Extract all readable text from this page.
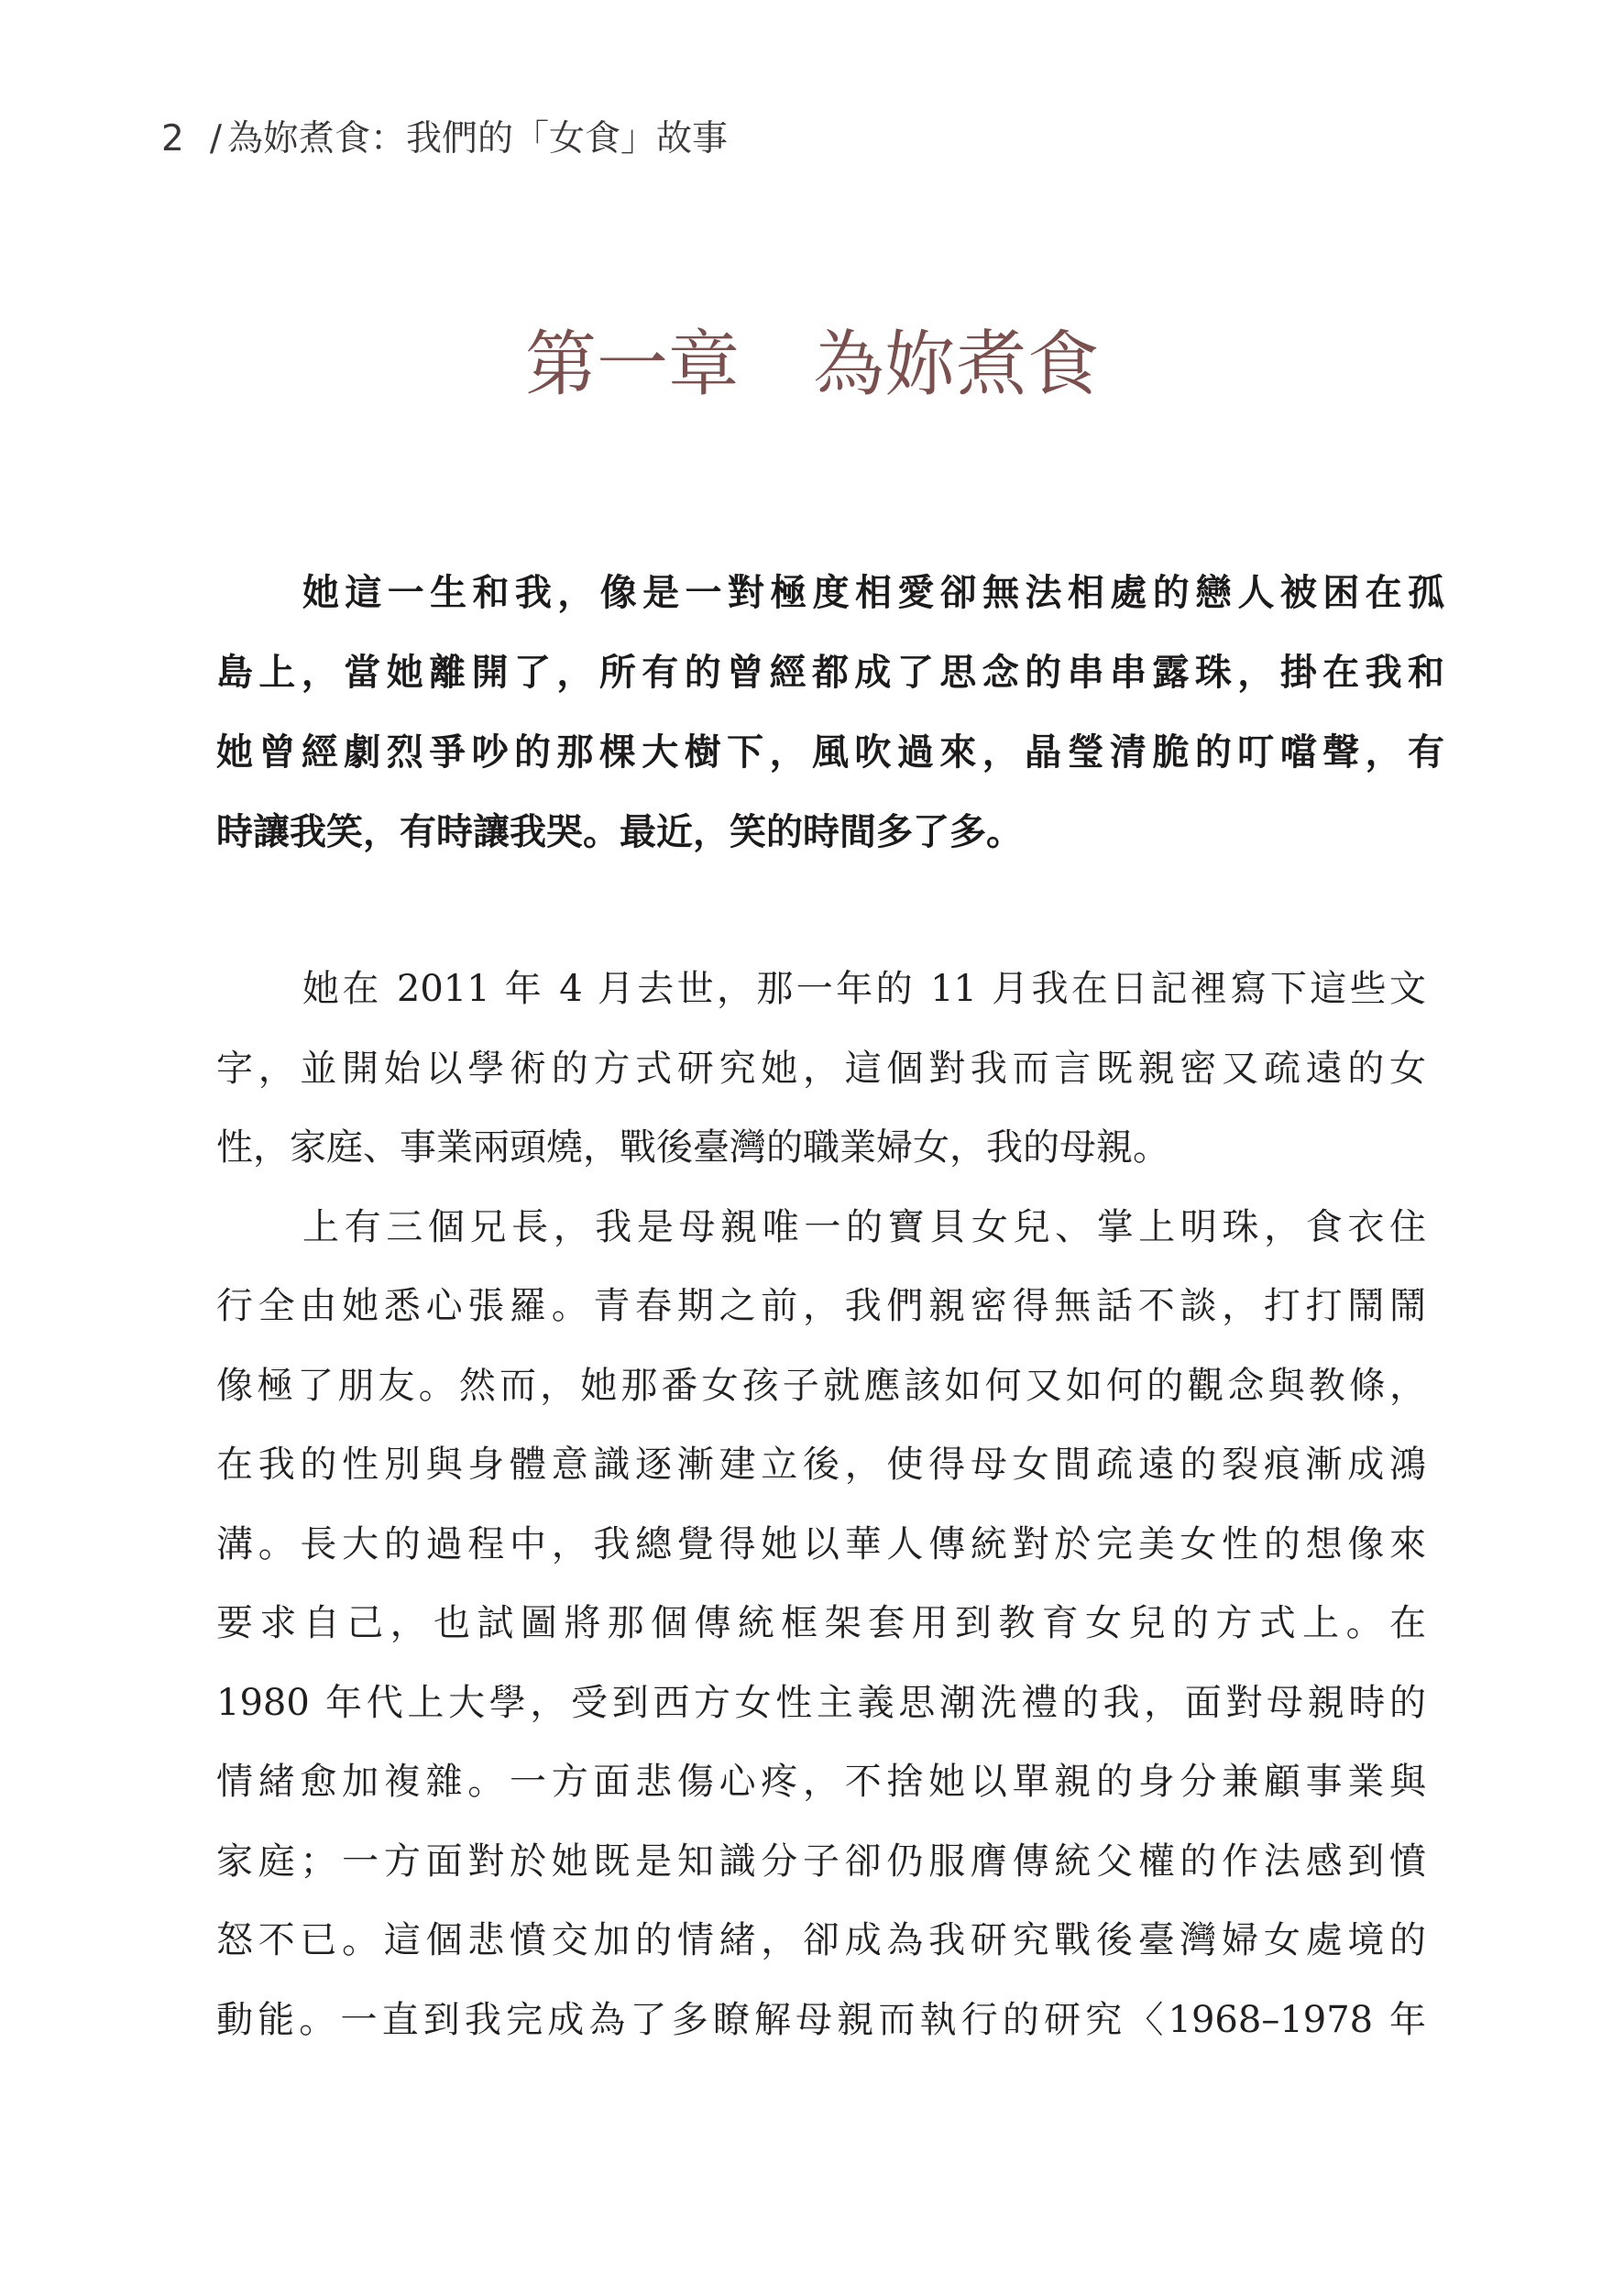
2 / 為妳煮食：我們的「女食」故事
第一章 為妳煮食
她這一生和我，像是一對極度相愛卻無法相處的戀人被困在孤
島上，當她離開了，所有的曾經都成了思念的串串露珠，掛在我和
她曾經劇烈爭吵的那棵大樹下，風吹過來，晶瑩清脆的叮噹聲，有
時讓我笑，有時讓我哭。最近，笑的時間多了多。
她在 2011 年 4 月去世，那一年的 11 月我在日記裡寫下這些文
字，並開始以學術的方式研究她，這個對我而言既親密又疏遠的女
性，家庭、事業兩頭燒，戰後臺灣的職業婦女，我的母親。
上有三個兄長，我是母親唯一的寶貝女兒、掌上明珠，食衣住
行全由她悉心張羅。青春期之前，我們親密得無話不談，打打鬧鬧
像極了朋友。然而，她那番女孩子就應該如何又如何的觀念與教條，
在我的性別與身體意識逐漸建立後，使得母女間疏遠的裂痕漸成鴻
溝。長大的過程中，我總覺得她以華人傳統對於完美女性的想像來
要求自己，也試圖將那個傳統框架套用到教育女兒的方式上。在
1980 年代上大學，受到西方女性主義思潮洗禮的我，面對母親時的
情緒愈加複雜。一方面悲傷心疼，不捨她以單親的身分兼顧事業與
家庭；一方面對於她既是知識分子卻仍服膺傳統父權的作法感到憤
怒不已。這個悲憤交加的情緒，卻成為我研究戰後臺灣婦女處境的
動能。一直到我完成為了多瞭解母親而執行的研究〈1968–1978 年
